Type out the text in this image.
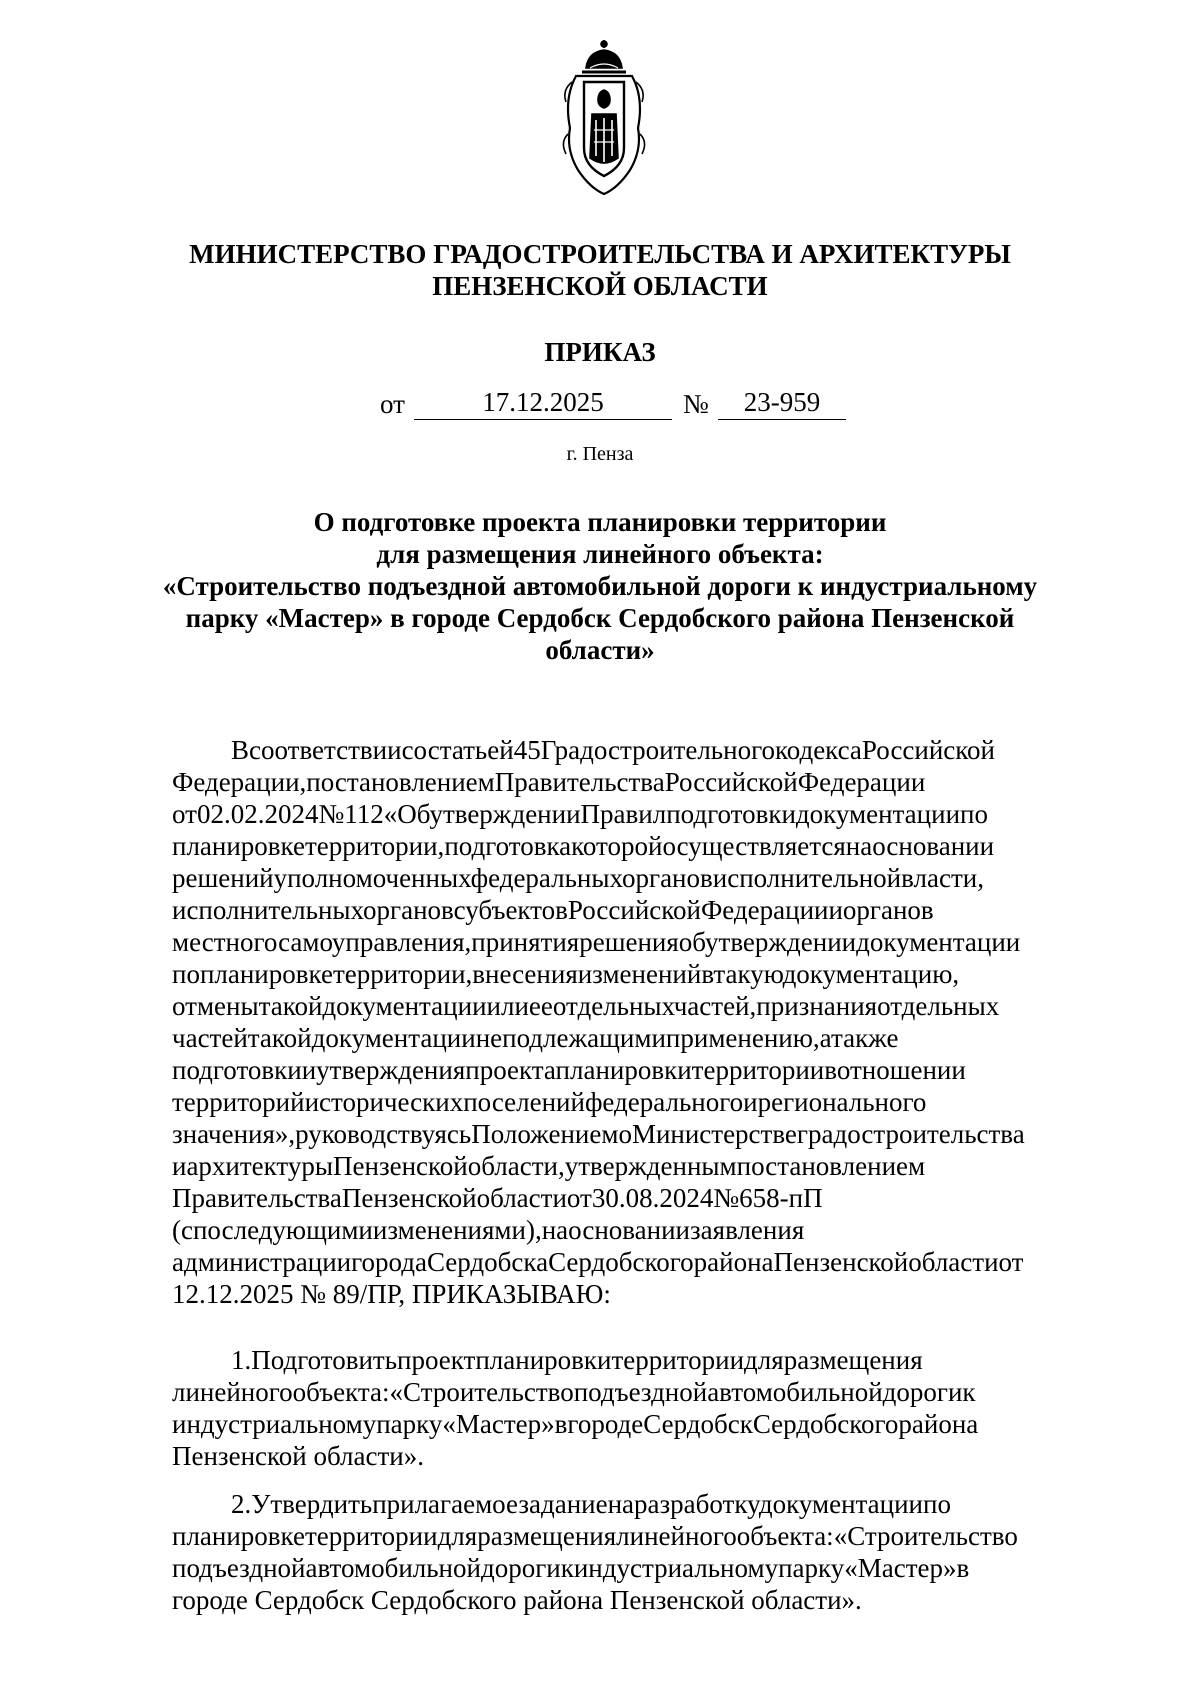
МИНИСТЕРСТВО ГРАДОСТРОИТЕЛЬСТВА И АРХИТЕКТУРЫ
ПЕНЗЕНСКОЙ ОБЛАСТИ
ПРИКАЗ
от	17.12.2025	№	23-959
г. Пенза
О подготовке проекта планировки территории
для размещения линейного объекта:
«Строительство подъездной автомобильной дороги к индустриальному
парку «Мастер» в городе Сердобск Сердобского района Пензенской
области»
Всоответствиисостатьей45ГрадостроительногокодексаРоссийской
Федерации,постановлениемПравительстваРоссийскойФедерации
от02.02.2024№112«ОбутвержденииПравилподготовкидокументациипо
планировкетерритории,подготовкакоторойосуществляетсянаосновании
решенийуполномоченныхфедеральныхоргановисполнительнойвласти,
исполнительныхоргановсубъектовРоссийскойФедерациииорганов
местногосамоуправления,принятиярешенияобутверждениидокументации
попланировкетерритории,внесенияизмененийвтакуюдокументацию,
отменытакойдокументацииилиееотдельныхчастей,признанияотдельных
частейтакойдокументациинеподлежащимиприменению,атакже
подготовкииутвержденияпроектапланировкитерриториивотношении
территорийисторическихпоселенийфедеральногоирегионального
значения»,руководствуясьПоложениемоМинистерствеградостроительства
иархитектурыПензенскойобласти,утвержденнымпостановлением
ПравительстваПензенскойобластиот30.08.2024№658-пП
(споследующимиизменениями),наоснованиизаявления
администрациигородаСердобскаСердобскогорайонаПензенскойобластиот
12.12.2025 № 89/ПР, ПРИКАЗЫВАЮ:
1.Подготовитьпроектпланировкитерриториидляразмещения
линейногообъекта:«Строительствоподъезднойавтомобильнойдорогик
индустриальномупарку«Мастер»вгородеСердобскСердобскогорайона
Пензенской области».
2.Утвердитьприлагаемоезаданиенаразработкудокументациипо
планировкетерриториидляразмещениялинейногообъекта:«Строительство
подъезднойавтомобильнойдорогикиндустриальномупарку«Мастер»в
городе Сердобск Сердобского района Пензенской области».
